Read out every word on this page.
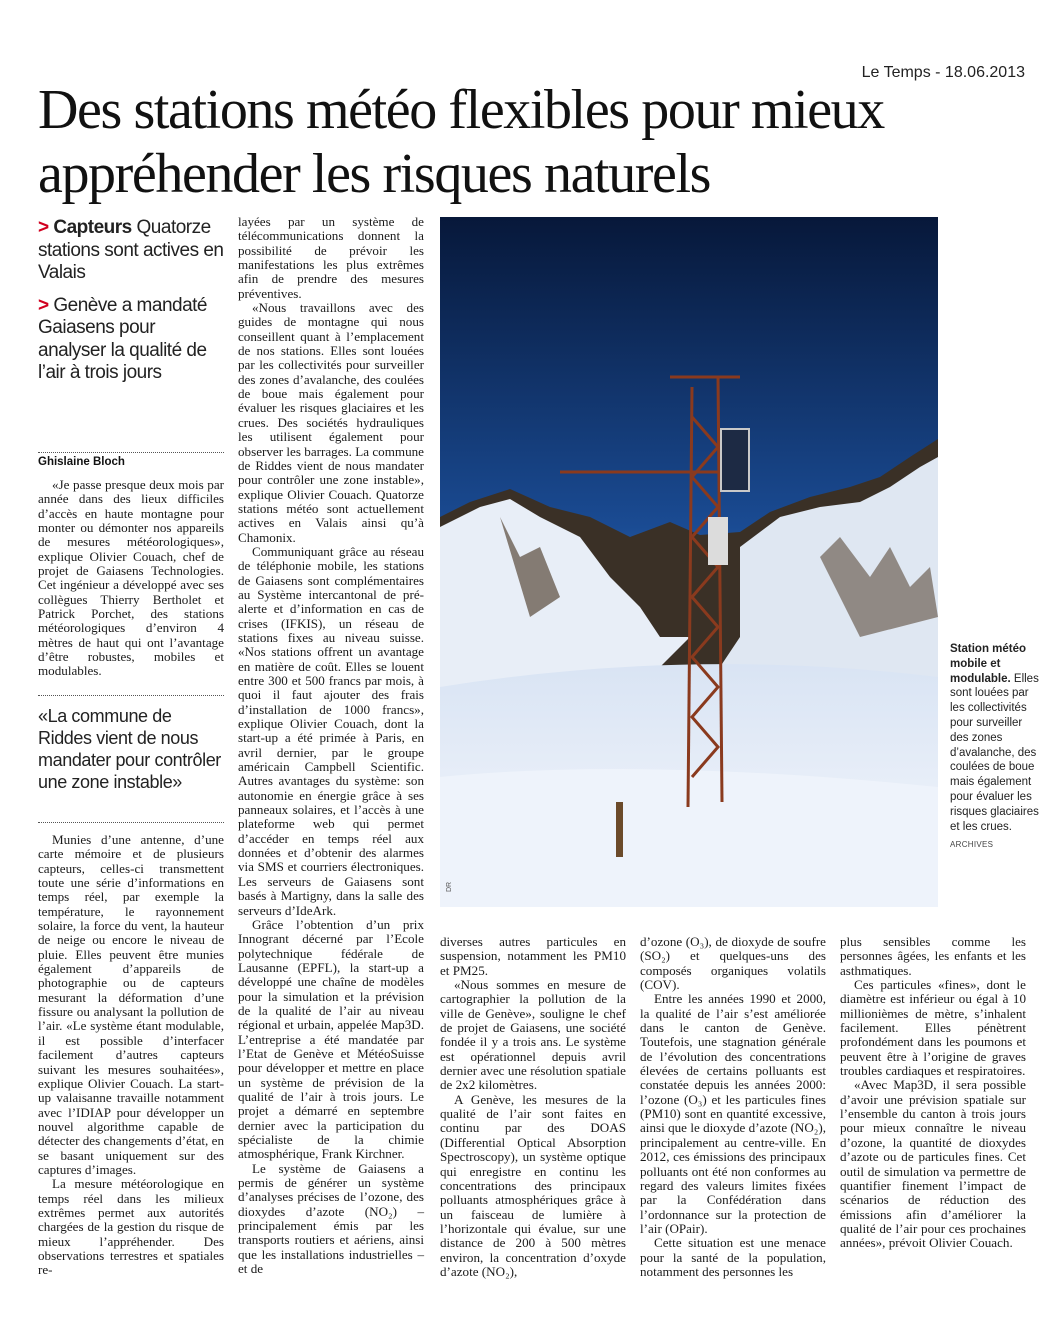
Le Temps - 18.06.2013
Des stations météo flexibles pour mieux appréhender les risques naturels
> Capteurs Quatorze stations sont actives en Valais
> Genève a mandaté Gaiasens pour analyser la qualité de l’air à trois jours
Ghislaine Bloch

«Je passe presque deux mois par année dans des lieux difficiles d’accès en haute montagne pour monter ou démonter nos appareils de mesures météorologiques», explique Olivier Couach, chef de projet de Gaiasens Technologies. Cet ingénieur a développé avec ses collègues Thierry Bertholet et Patrick Porchet, des stations météorologiques d’environ 4 mètres de haut qui ont l’avantage d’être robustes, mobiles et modulables.

«La commune de Riddes vient de nous mandater pour contrôler une zone instable»

Munies d’une antenne, d’une carte mémoire et de plusieurs capteurs, celles-ci transmettent toute une série d’informations en temps réel, par exemple la température, le rayonnement solaire, la force du vent, la hauteur de neige ou encore le niveau de pluie. Elles peuvent être munies également d’appareils de photographie ou de capteurs mesurant la déformation d’une fissure ou analysant la pollution de l’air. «Le système étant modulable, il est possible d’interfacer facilement d’autres capteurs suivant les mesures souhaitées», explique Olivier Couach. La start-up valaisanne travaille notamment avec l’IDIAP pour développer un nouvel algorithme capable de détecter des changements d’état, en se basant uniquement sur des captures d’images.

La mesure météorologique en temps réel dans les milieux extrêmes permet aux autorités chargées de la gestion du risque de mieux l’appréhender. Des observations terrestres et spatiales re-

layées par un système de télécommunications donnent la possibilité de prévoir les manifestations les plus extrêmes afin de prendre des mesures préventives.

«Nous travaillons avec des guides de montagne qui nous conseillent quant à l’emplacement de nos stations. Elles sont louées par les collectivités pour surveiller des zones d’avalanche, des coulées de boue mais également pour évaluer les risques glaciaires et les crues. Des sociétés hydrauliques les utilisent également pour observer les barrages. La commune de Riddes vient de nous mandater pour contrôler une zone instable», explique Olivier Couach. Quatorze stations météo sont actuellement actives en Valais ainsi qu’à Chamonix.

Communiquant grâce au réseau de téléphonie mobile, les stations de Gaiasens sont complémentaires au Système intercantonal de pré-alerte et d’information en cas de crises (IFKIS), un réseau de stations fixes au niveau suisse. «Nos stations offrent un avantage en matière de coût. Elles se louent entre 300 et 500 francs par mois, à quoi il faut ajouter des frais d’installation de 1000 francs», explique Olivier Couach, dont la start-up a été primée à Paris, en avril dernier, par le groupe américain Campbell Scientific. Autres avantages du système: son autonomie en énergie grâce à ses panneaux solaires, et l’accès à une plateforme web qui permet d’accéder en temps réel aux données et d’obtenir des alarmes via SMS et courriers électroniques. Les serveurs de Gaiasens sont basés à Martigny, dans la salle des serveurs d’IdeArk.

Grâce l’obtention d’un prix Innogrant décerné par l’Ecole polytechnique fédérale de Lausanne (EPFL), la start-up a développé une chaîne de modèles pour la simulation et la prévision de la qualité de l’air au niveau régional et urbain, appelée Map3D. L’entreprise a été mandatée par l’Etat de Genève et MétéoSuisse pour développer et mettre en place un système de prévision de la qualité de l’air à trois jours. Le projet a démarré en septembre dernier avec la participation du spécialiste de la chimie atmosphérique, Frank Kirchner.

Le système de Gaiasens a permis de générer un système d’analyses précises de l’ozone, des dioxydes d’azote (NO₂) – principalement émis par les transports routiers et aériens, ainsi que les installations industrielles – et de

DR
Station météo mobile et modulable. Elles sont louées par les collectivités pour surveiller des zones d’avalanche, des coulées de boue mais également pour évaluer les risques glaciaires et les crues.
ARCHIVES

diverses autres particules en suspension, notamment les PM10 et PM25.

«Nous sommes en mesure de cartographier la pollution de la ville de Genève», souligne le chef de projet de Gaiasens, une société fondée il y a trois ans. Le système est opérationnel depuis avril dernier avec une résolution spatiale de 2x2 kilomètres.

A Genève, les mesures de la qualité de l’air sont faites en continu par des DOAS (Differential Optical Absorption Spectroscopy), un système optique qui enregistre en continu les concentrations des principaux polluants atmosphériques grâce à un faisceau de lumière à l’horizontale qui évalue, sur une distance de 200 à 500 mètres environ, la concentration d’oxyde d’azote (NO₂),

d’ozone (O₃), de dioxyde de soufre (SO₂) et quelques-uns des composés organiques volatils (COV).

Entre les années 1990 et 2000, la qualité de l’air s’est améliorée dans le canton de Genève. Toutefois, une stagnation générale de l’évolution des concentrations élevées de certains polluants est constatée depuis les années 2000: l’ozone (O₃) et les particules fines (PM10) sont en quantité excessive, ainsi que le dioxyde d’azote (NO₂), principalement au centre-ville. En 2012, ces émissions des principaux polluants ont été non conformes au regard des valeurs limites fixées par la Confédération dans l’ordonnance sur la protection de l’air (OPair).

Cette situation est une menace pour la santé de la population, notamment des personnes les

plus sensibles comme les personnes âgées, les enfants et les asthmatiques.

Ces particules «fines», dont le diamètre est inférieur ou égal à 10 millionièmes de mètre, s’inhalent facilement. Elles pénètrent profondément dans les poumons et peuvent être à l’origine de graves troubles cardiaques et respiratoires.

«Avec Map3D, il sera possible d’avoir une prévision spatiale sur l’ensemble du canton à trois jours pour mieux connaître le niveau d’ozone, la quantité de dioxydes d’azote ou de particules fines. Cet outil de simulation va permettre de quantifier finement l’impact de scénarios de réduction des émissions afin d’améliorer la qualité de l’air pour ces prochaines années», prévoit Olivier Couach.
